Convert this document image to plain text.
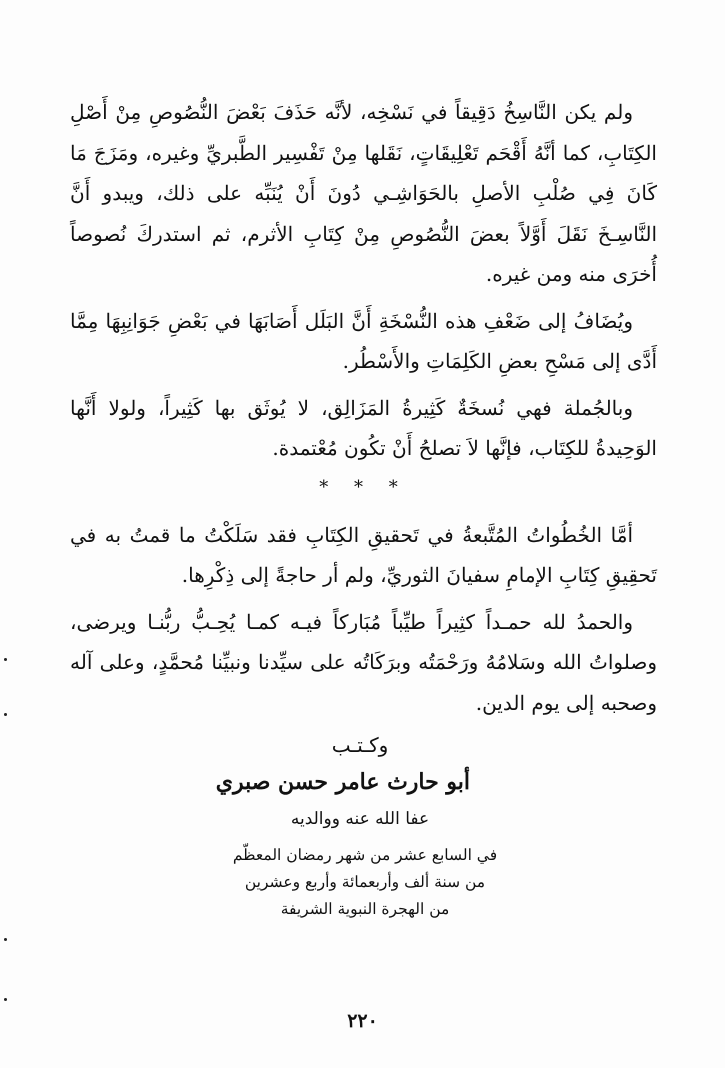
ولم يكن النَّاسِخُ دَقِيقاً في نَسْخِه، لأنَّه حَذَفَ بَعْضَ النُّصُوصِ مِنْ أَصْلِ الكِتَابِ، كما أنَّهُ أَقْحَم تَعْلِيقَاتٍ، نَقَلها مِنْ تَفْسِير الطَّبريِّ وغيره، ومَزَجَ مَا كَانَ فِي صُلْبِ الأصلِ بالحَوَاشِـي دُونَ أَنْ يُنَبِّه على ذلك، ويبدو أَنَّ النَّاسِـخَ نَقَلَ أَوَّلاً بعضَ النُّصُوصِ مِنْ كِتَابِ الأثرم، ثم استدركَ نُصوصاً أُخرَى منه ومن غيره.

ويُضَافُ إلى ضَعْفِ هذه النُّسْخَةِ أَنَّ البَلَل أَصَابَهَا في بَعْضِ جَوَانِبِهَا مِمَّا أَدَّى إلى مَسْحِ بعضِ الكَلِمَاتِ والأَسْطُر.

وبالجُملة فهي نُسخَةٌ كَثِيرةُ المَزَالِق، لا يُوثَق بها كَثِيراً، ولولا أَنَّها الوَحِيدةُ للكِتَاب، فإنَّها لاَ تصلحُ أَنْ تكُون مُعْتمدة.

* * *

أمَّا الخُطُواتُ المُتَّبعةُ في تَحقيقِ الكِتَابِ فقد سَلَكْتُ ما قمتُ به في تَحقِيقِ كِتَابِ الإمامِ سفيانَ الثوريِّ، ولم أر حاجةً إلى ذِكْرِها.

والحمدُ لله حمـداً كثِيراً طيِّباً مُبَاركاً فيـه كمـا يُحِـبُّ ربُّنـا ويرضى، وصلواتُ الله وسَلامُهُ ورَحْمَتُه وبرَكَاتُه على سيِّدنا ونبيِّنا مُحمَّدٍ، وعلى آله وصحبه إلى يوم الدين.

وكـتـب
أبو حارث عامر حسن صبري
عفا الله عنه ووالديه
في السابع عشر من شهر رمضان المعظّم
من سنة ألف وأربعمائة وأربع وعشرين
من الهجرة النبوية الشريفة
٢٢٠
